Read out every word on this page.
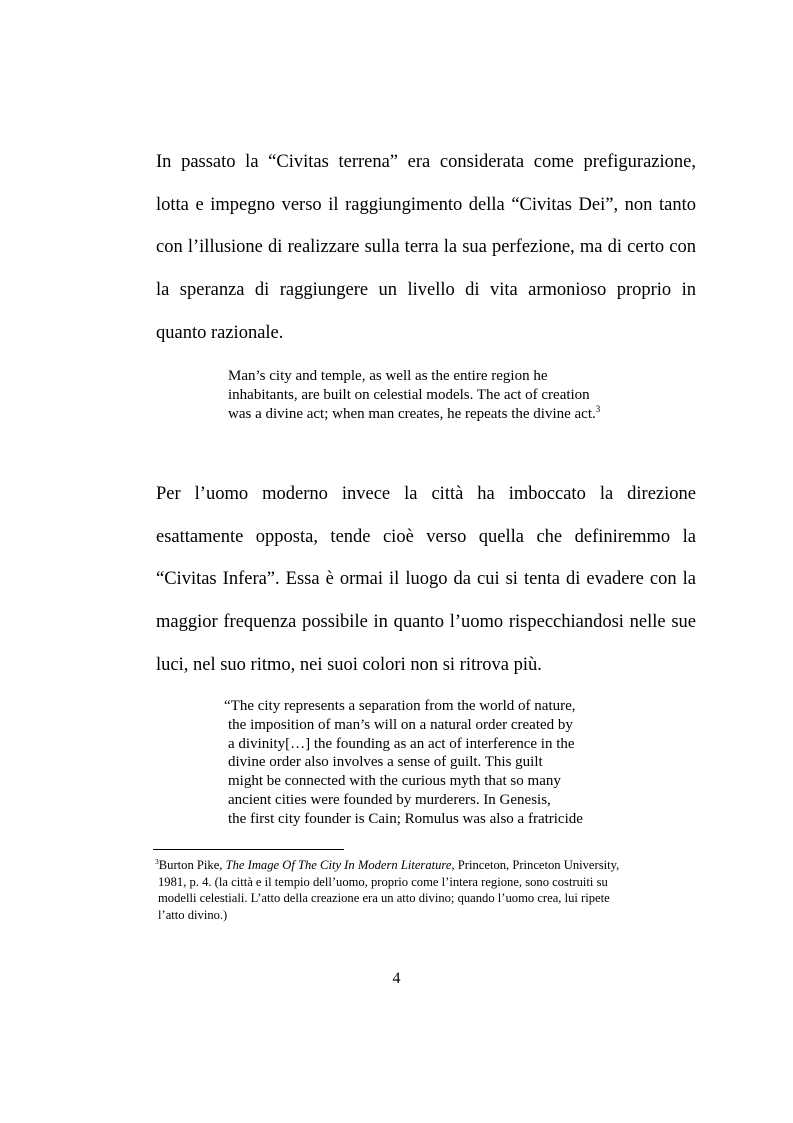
In passato la “Civitas terrena” era considerata come prefigurazione,
lotta e impegno verso il raggiungimento della “Civitas Dei”, non tanto
con l’illusione di realizzare sulla terra la sua perfezione, ma di certo con
la speranza di raggiungere un livello di vita armonioso proprio in
quanto razionale.
Man’s city and temple, as well as the entire region he
inhabitants, are built on celestial models. The act of creation
was a divine act; when man creates, he repeats the divine act.$^3$
Per l’uomo moderno invece la città ha imboccato la direzione
esattamente opposta, tende cioè verso quella che definiremmo la
“Civitas Infera”. Essa è ormai il luogo da cui si tenta di evadere con la
maggior frequenza possibile in quanto l’uomo rispecchiandosi nelle sue
luci, nel suo ritmo, nei suoi colori non si ritrova più.
“The city represents a separation from the world of nature,
the imposition of man’s will on a natural order created by
a divinity[…] the founding as an act of interference in the
divine order also involves a sense of guilt. This guilt
might be connected with the curious myth that so many
ancient cities were founded by murderers. In Genesis,
the first city founder is Cain; Romulus was also a fratricide
$^3$Burton Pike, The Image Of The City In Modern Literature, Princeton, Princeton University,
1981, p. 4. (la città e il tempio dell’uomo, proprio come l’intera regione, sono costruiti su
modelli celestiali. L’atto della creazione era un atto divino; quando l’uomo crea, lui ripete
l’atto divino.)
4
